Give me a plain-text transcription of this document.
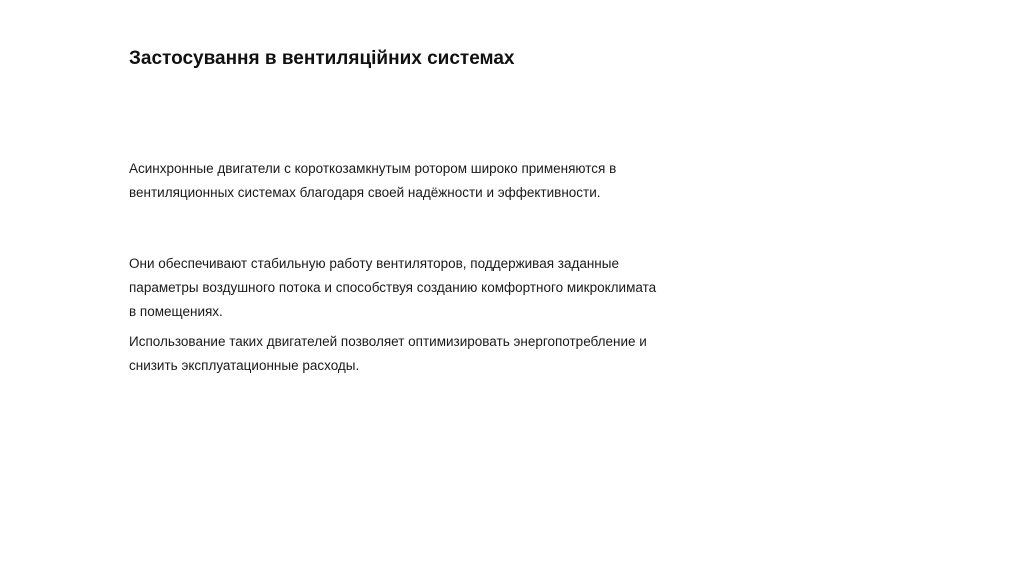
Застосування в вентиляційних системах

Асинхронные двигатели с короткозамкнутым ротором широко применяются в
вентиляционных системах благодаря своей надёжности и эффективности.

Они обеспечивают стабильную работу вентиляторов, поддерживая заданные
параметры воздушного потока и способствуя созданию комфортного микроклимата
в помещениях.

Использование таких двигателей позволяет оптимизировать энергопотребление и
снизить эксплуатационные расходы.
